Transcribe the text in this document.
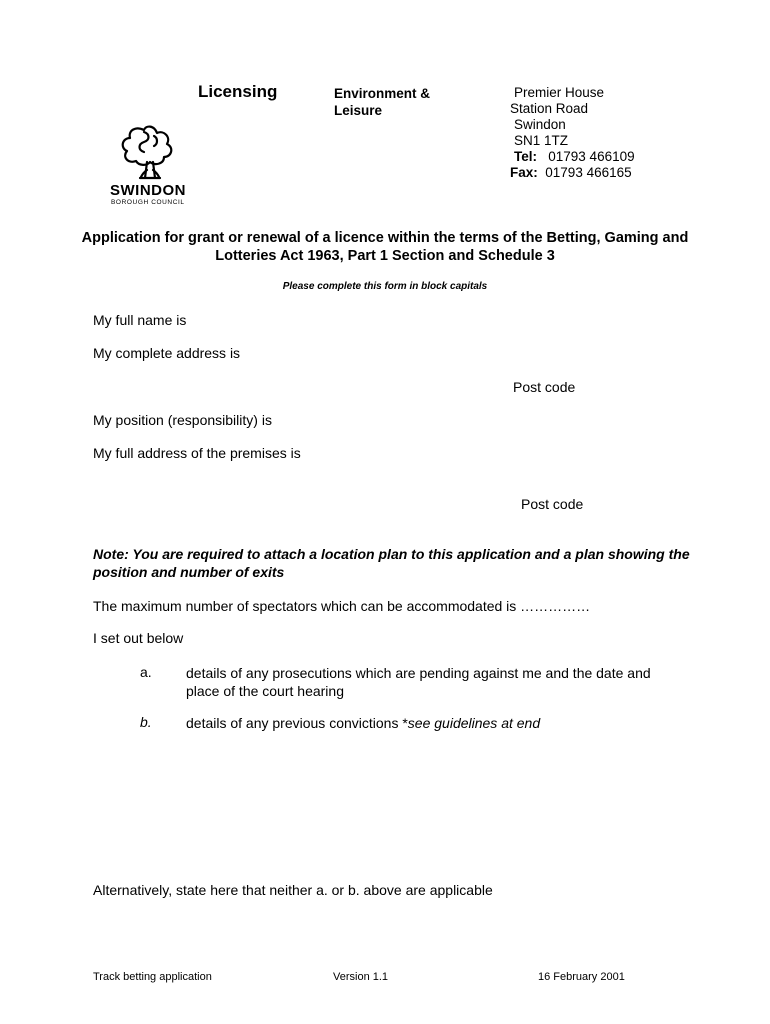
Licensing	Environment &
Leisure
Premier House
Station Road
Swindon
SN1 1TZ
Tel: 01793 466109
Fax: 01793 466165
SWINDON
BOROUGH COUNCIL
Application for grant or renewal of a licence within the terms of the Betting, Gaming and Lotteries Act 1963, Part 1 Section and Schedule 3
Please complete this form in block capitals
My full name is
My complete address is
Post code
My position (responsibility) is
My full address of the premises is
Post code
Note: You are required to attach a location plan to this application and a plan showing the position and number of exits
The maximum number of spectators which can be accommodated is ……………
I set out below
a. details of any prosecutions which are pending against me and the date and place of the court hearing
b. details of any previous convictions *see guidelines at end
Alternatively, state here that neither a. or b. above are applicable
Track betting application	Version 1.1	16 February 2001
